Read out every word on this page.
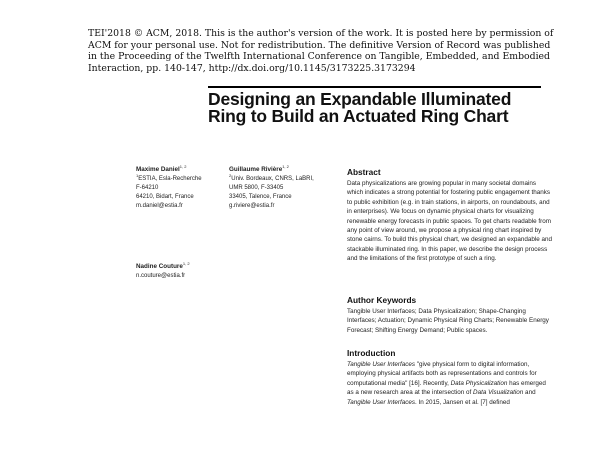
TEI'2018 © ACM, 2018. This is the author's version of the work. It is posted here by permission of ACM for your personal use. Not for redistribution. The definitive Version of Record was published in the Proceeding of the Twelfth International Conference on Tangible, Embedded, and Embodied Interaction, pp. 140-147, http://dx.doi.org/10.1145/3173225.3173294
Designing an Expandable Illuminated
Ring to Build an Actuated Ring Chart
Maxime Daniel$^{1, 2}$
$^1$ESTIA, Esla-Recherche
F-64210
64210, Bidart, France
m.daniel@estia.fr
Guillaume Rivière$^{1, 2}$
$^2$Univ. Bordeaux, CNRS, LaBRI,
UMR 5800, F-33405
33405, Talence, France
g.riviere@estia.fr
Nadine Couture$^{1, 2}$
n.couture@estia.fr
Abstract
Data physicalizations are growing popular in many societal domains which indicates a strong potential for fostering public engagement thanks to public exhibition (e.g. in train stations, in airports, on roundabouts, and in enterprises). We focus on dynamic physical charts for visualizing renewable energy forecasts in public spaces. To get charts readable from any point of view around, we propose a physical ring chart inspired by stone cairns. To build this physical chart, we designed an expandable and stackable illuminated ring. In this paper, we describe the design process and the limitations of the first prototype of such a ring.
Author Keywords
Tangible User Interfaces; Data Physicalization; Shape-Changing Interfaces; Actuation; Dynamic Physical Ring Charts; Renewable Energy Forecast; Shifting Energy Demand; Public spaces.
Introduction
Tangible User Interfaces "give physical form to digital information, employing physical artifacts both as representations and controls for computational media" [16]. Recently, Data Physicalization has emerged as a new research area at the intersection of Data Visualization and Tangible User Interfaces. In 2015, Jansen et al. [7] defined
